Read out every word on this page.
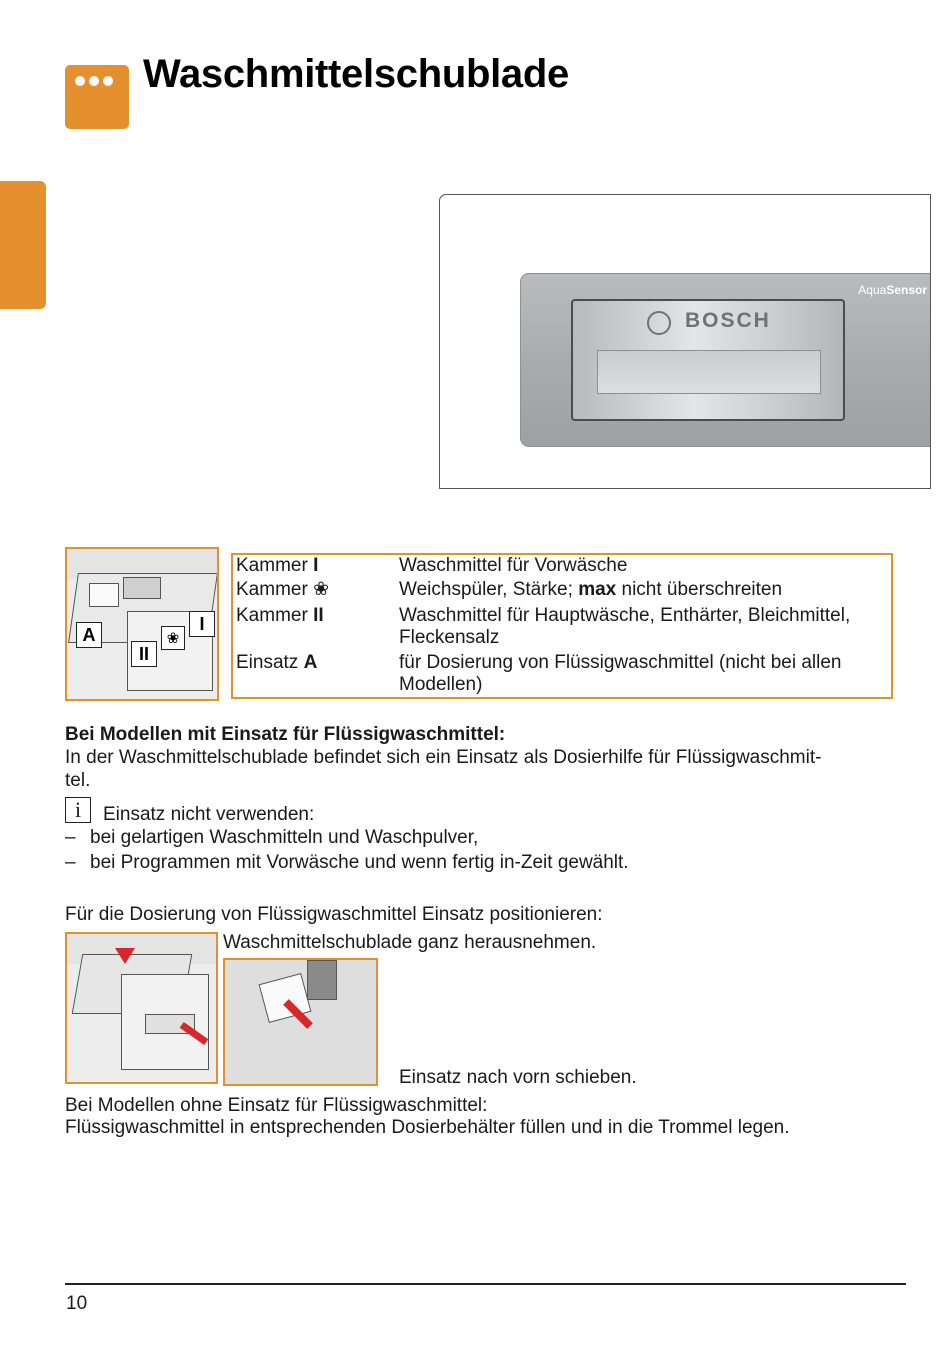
Waschmittelschublade
AquaSensor
BOSCH
A
II
❀
I
Kammer I	Waschmittel für Vorwäsche
Kammer ❀	Weichspüler, Stärke; max nicht überschreiten
Kammer II	Waschmittel für Hauptwäsche, Enthärter, Bleichmittel,
Fleckensalz
Einsatz A	für Dosierung von Flüssigwaschmittel (nicht bei allen
Modellen)
Bei Modellen mit Einsatz für Flüssigwaschmittel:
In der Waschmittelschublade befindet sich ein Einsatz als Dosierhilfe für Flüssigwaschmit-
tel.
i	Einsatz nicht verwenden:
– bei gelartigen Waschmitteln und Waschpulver,
– bei Programmen mit Vorwäsche und wenn fertig in-Zeit gewählt.
Für die Dosierung von Flüssigwaschmittel Einsatz positionieren:
Waschmittelschublade ganz herausnehmen.
Einsatz nach vorn schieben.
Bei Modellen ohne Einsatz für Flüssigwaschmittel:
Flüssigwaschmittel in entsprechenden Dosierbehälter füllen und in die Trommel legen.
10
